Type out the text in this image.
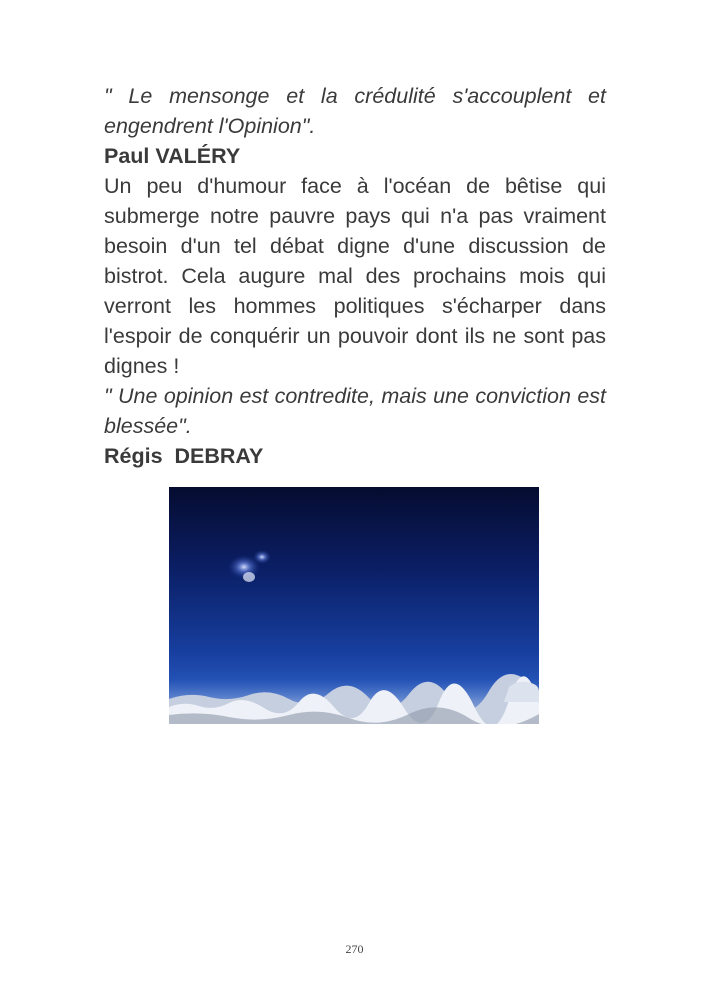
" Le mensonge et la crédulité s'accouplent et engendrent l'Opinion".

Paul VALÉRY

Un peu d'humour face à l'océan de bêtise qui submerge notre pauvre pays qui n'a pas vraiment besoin d'un tel débat digne d'une discussion de bistrot. Cela augure mal des prochains mois qui verront les hommes politiques s'écharper dans l'espoir de conquérir un pouvoir dont ils ne sont pas dignes !

" Une opinion est contredite, mais une conviction est blessée".

Régis  DEBRAY

270
